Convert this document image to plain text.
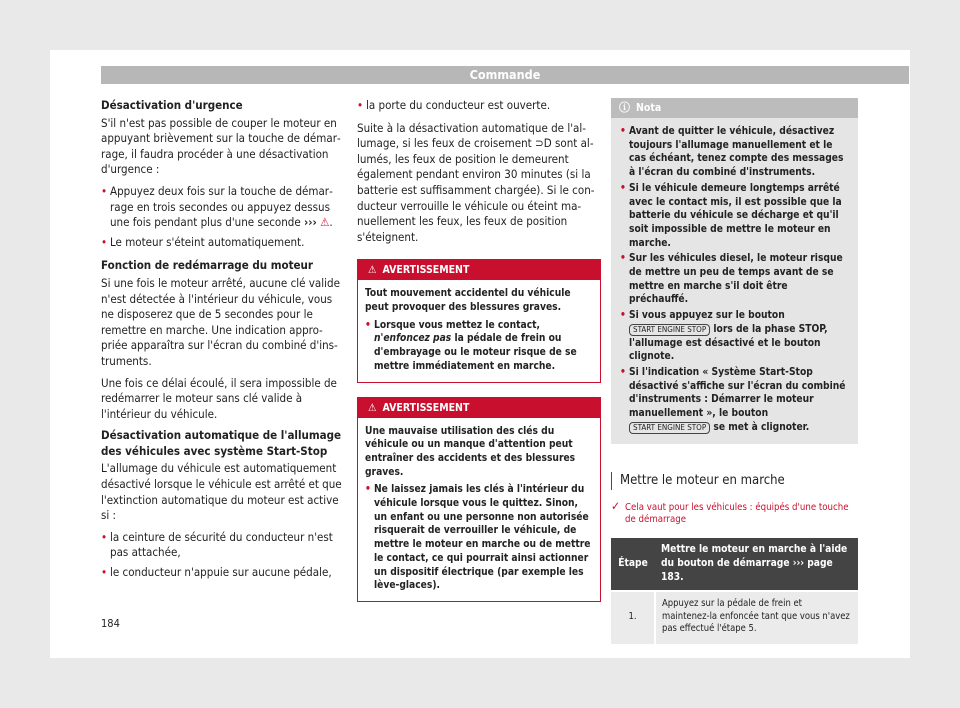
Commande

Désactivation d'urgence

S'il n'est pas possible de couper le moteur en appuyant brièvement sur la touche de démarrage, il faudra procéder à une désactivation d'urgence :

• Appuyez deux fois sur la touche de démarrage en trois secondes ou appuyez dessus une fois pendant plus d'une seconde ››› ⚠.
• Le moteur s'éteint automatiquement.

Fonction de redémarrage du moteur

Si une fois le moteur arrêté, aucune clé valide n'est détectée à l'intérieur du véhicule, vous ne disposerez que de 5 secondes pour le remettre en marche. Une indication appropriée apparaîtra sur l'écran du combiné d'instruments.

Une fois ce délai écoulé, il sera impossible de redémarrer le moteur sans clé valide à l'intérieur du véhicule.

Désactivation automatique de l'allumage des véhicules avec système Start-Stop

L'allumage du véhicule est automatiquement désactivé lorsque le véhicule est arrêté et que l'extinction automatique du moteur est active si :

• la ceinture de sécurité du conducteur n'est pas attachée,
• le conducteur n'appuie sur aucune pédale,
• la porte du conducteur est ouverte.

Suite à la désactivation automatique de l'allumage, si les feux de croisement ⊃D sont allumés, les feux de position le demeurent également pendant environ 30 minutes (si la batterie est suffisamment chargée). Si le conducteur verrouille le véhicule ou éteint manuellement les feux, les feux de position s'éteignent.

⚠ AVERTISSEMENT

Tout mouvement accidentel du véhicule peut provoquer des blessures graves.

• Lorsque vous mettez le contact, n'enfoncez pas la pédale de frein ou d'embrayage ou le moteur risque de se mettre immédiatement en marche.
⚠ AVERTISSEMENT

Une mauvaise utilisation des clés du véhicule ou un manque d'attention peut entraîner des accidents et des blessures graves.

• Ne laissez jamais les clés à l'intérieur du véhicule lorsque vous le quittez. Sinon, un enfant ou une personne non autorisée risquerait de verrouiller le véhicule, de mettre le moteur en marche ou de mettre le contact, ce qui pourrait ainsi actionner un dispositif électrique (par exemple les lève-glaces).
ⓘ Nota
• Avant de quitter le véhicule, désactivez toujours l'allumage manuellement et le cas échéant, tenez compte des messages à l'écran du combiné d'instruments.
• Si le véhicule demeure longtemps arrêté avec le contact mis, il est possible que la batterie du véhicule se décharge et qu'il soit impossible de mettre le moteur en marche.
• Sur les véhicules diesel, le moteur risque de mettre un peu de temps avant de se mettre en marche s'il doit être préchauffé.
• Si vous appuyez sur le bouton START ENGINE STOP lors de la phase STOP, l'allumage est désactivé et le bouton clignote.
• Si l'indication « Système Start-Stop désactivé s'affiche sur l'écran du combiné d'instruments : Démarrer le moteur manuellement », le bouton START ENGINE STOP se met à clignoter.
Mettre le moteur en marche
✓ Cela vaut pour les véhicules : équipés d'une touche de démarrage
Étape	Mettre le moteur en marche à l'aide du bouton de démarrage ››› page 183.
1.	Appuyez sur la pédale de frein et maintenez-la enfoncée tant que vous n'avez pas effectué l'étape 5.
184
